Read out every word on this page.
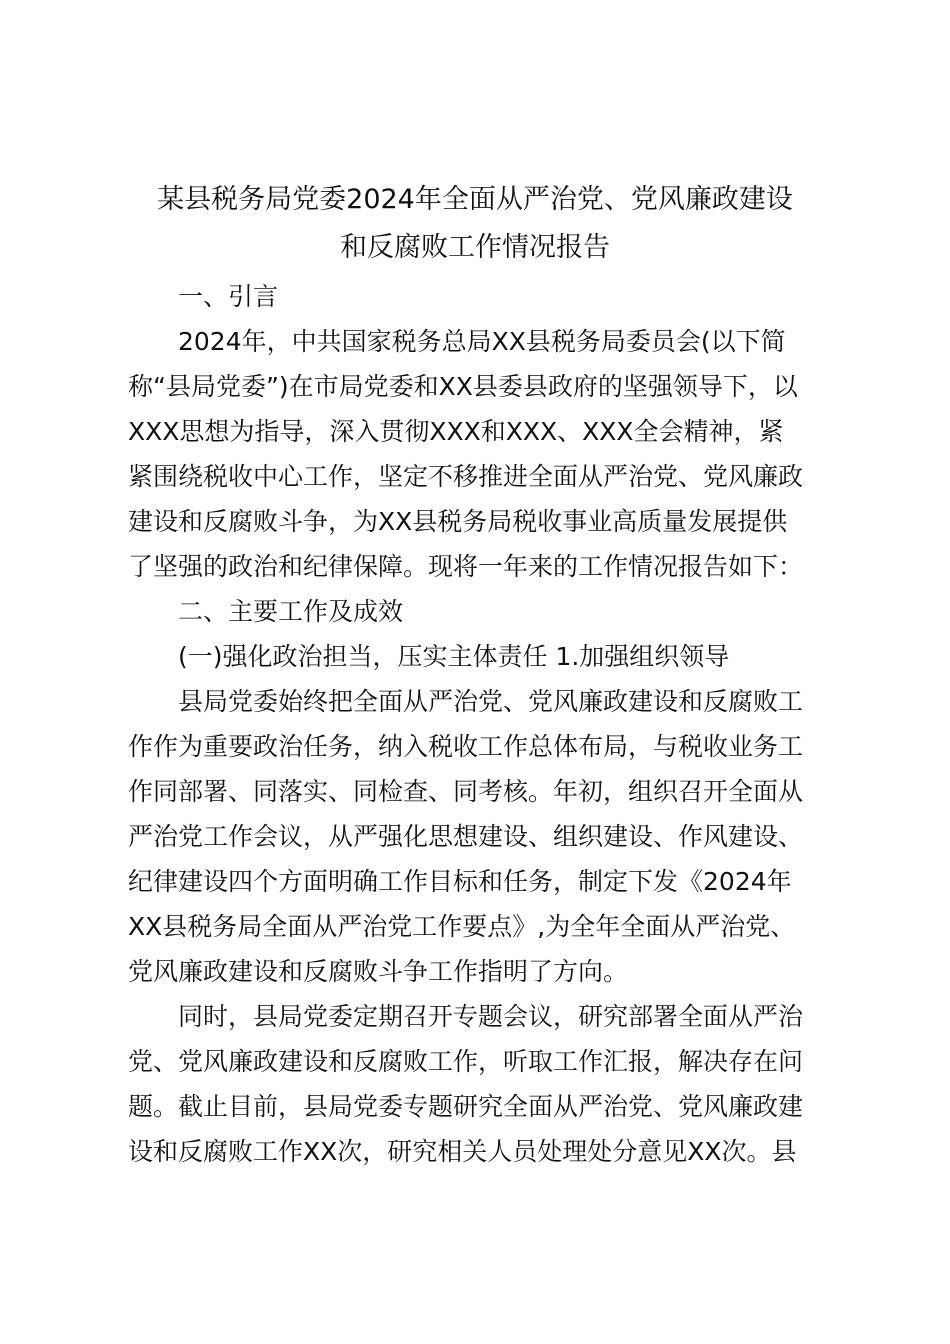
某县税务局党委2024年全面从严治党、党风廉政建设
和反腐败工作情况报告

一、引言

2024年，中共国家税务总局XX县税务局委员会(以下简

称“县局党委”)在市局党委和XX县委县政府的坚强领导下，以

XXX思想为指导，深入贯彻XXX和XXX、XXX全会精神，紧

紧围绕税收中心工作，坚定不移推进全面从严治党、党风廉政

建设和反腐败斗争，为XX县税务局税收事业高质量发展提供

了坚强的政治和纪律保障。现将一年来的工作情况报告如下：

二、主要工作及成效

(一)强化政治担当，压实主体责任 1.加强组织领导

县局党委始终把全面从严治党、党风廉政建设和反腐败工

作作为重要政治任务，纳入税收工作总体布局，与税收业务工

作同部署、同落实、同检查、同考核。年初，组织召开全面从

严治党工作会议，从严强化思想建设、组织建设、作风建设、

纪律建设四个方面明确工作目标和任务，制定下发《2024年

XX县税务局全面从严治党工作要点》,为全年全面从严治党、

党风廉政建设和反腐败斗争工作指明了方向。

同时，县局党委定期召开专题会议，研究部署全面从严治

党、党风廉政建设和反腐败工作，听取工作汇报，解决存在问

题。截止目前，县局党委专题研究全面从严治党、党风廉政建

设和反腐败工作XX次，研究相关人员处理处分意见XX次。县
